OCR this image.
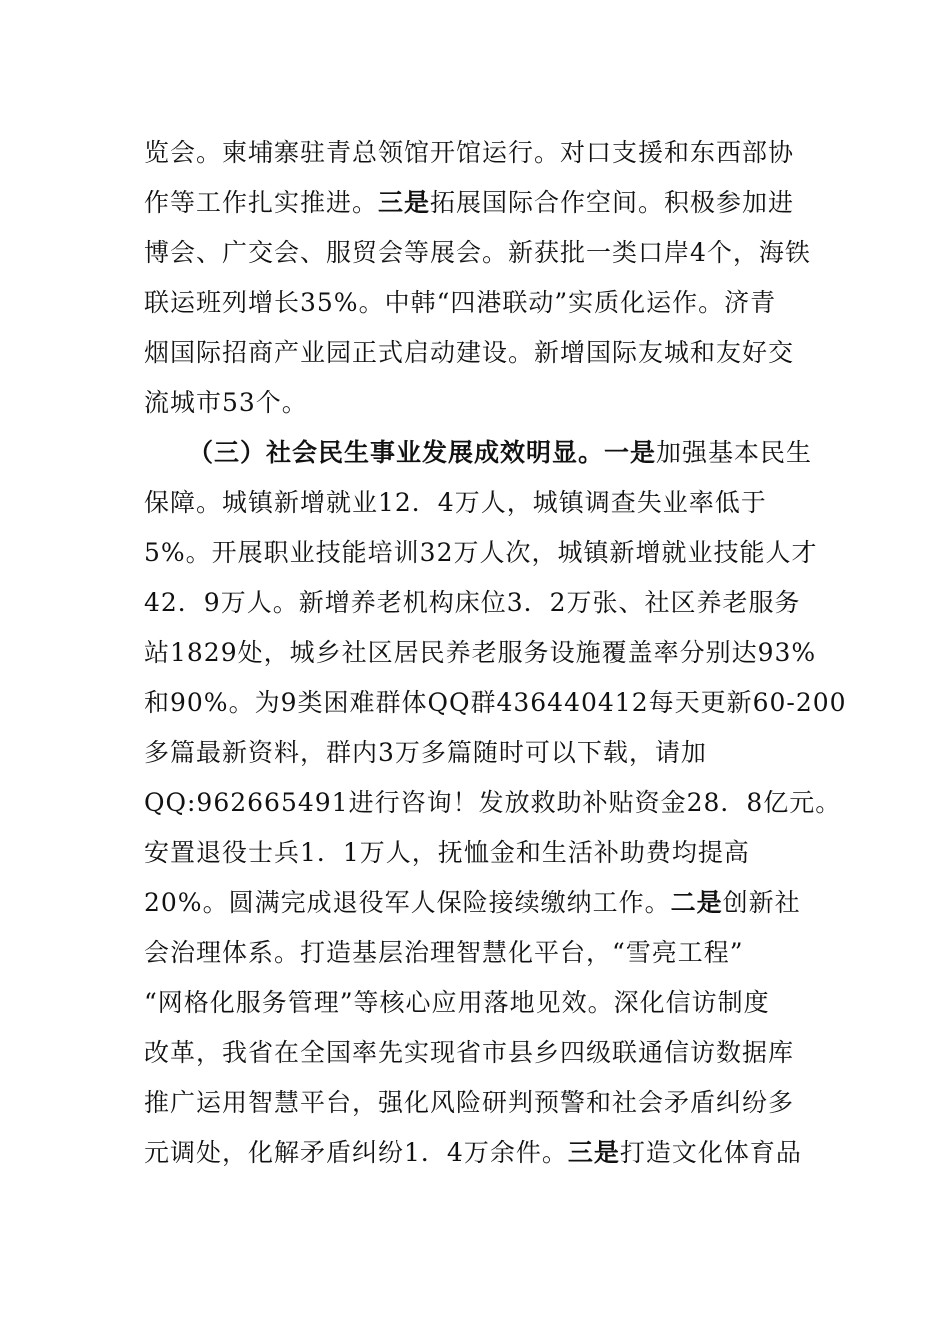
览会。柬埔寨驻青总领馆开馆运行。对口支援和东西部协
作等工作扎实推进。三是拓展国际合作空间。积极参加进
博会、广交会、服贸会等展会。新获批一类口岸4个，海铁
联运班列增长35%。中韩“四港联动”实质化运作。济青
烟国际招商产业园正式启动建设。新增国际友城和友好交
流城市53个。
（三）社会民生事业发展成效明显。一是加强基本民生
保障。城镇新增就业12．4万人，城镇调查失业率低于
5%。开展职业技能培训32万人次，城镇新增就业技能人才
42．9万人。新增养老机构床位3．2万张、社区养老服务
站1829处，城乡社区居民养老服务设施覆盖率分别达93%
和90%。为9类困难群体QQ群436440412每天更新60-200
多篇最新资料，群内3万多篇随时可以下载，请加
QQ:962665491进行咨询！发放救助补贴资金28．8亿元。
安置退役士兵1．1万人，抚恤金和生活补助费均提高
20%。圆满完成退役军人保险接续缴纳工作。二是创新社
会治理体系。打造基层治理智慧化平台，“雪亮工程”
“网格化服务管理”等核心应用落地见效。深化信访制度
改革，我省在全国率先实现省市县乡四级联通信访数据库
推广运用智慧平台，强化风险研判预警和社会矛盾纠纷多
元调处，化解矛盾纠纷1．4万余件。三是打造文化体育品
